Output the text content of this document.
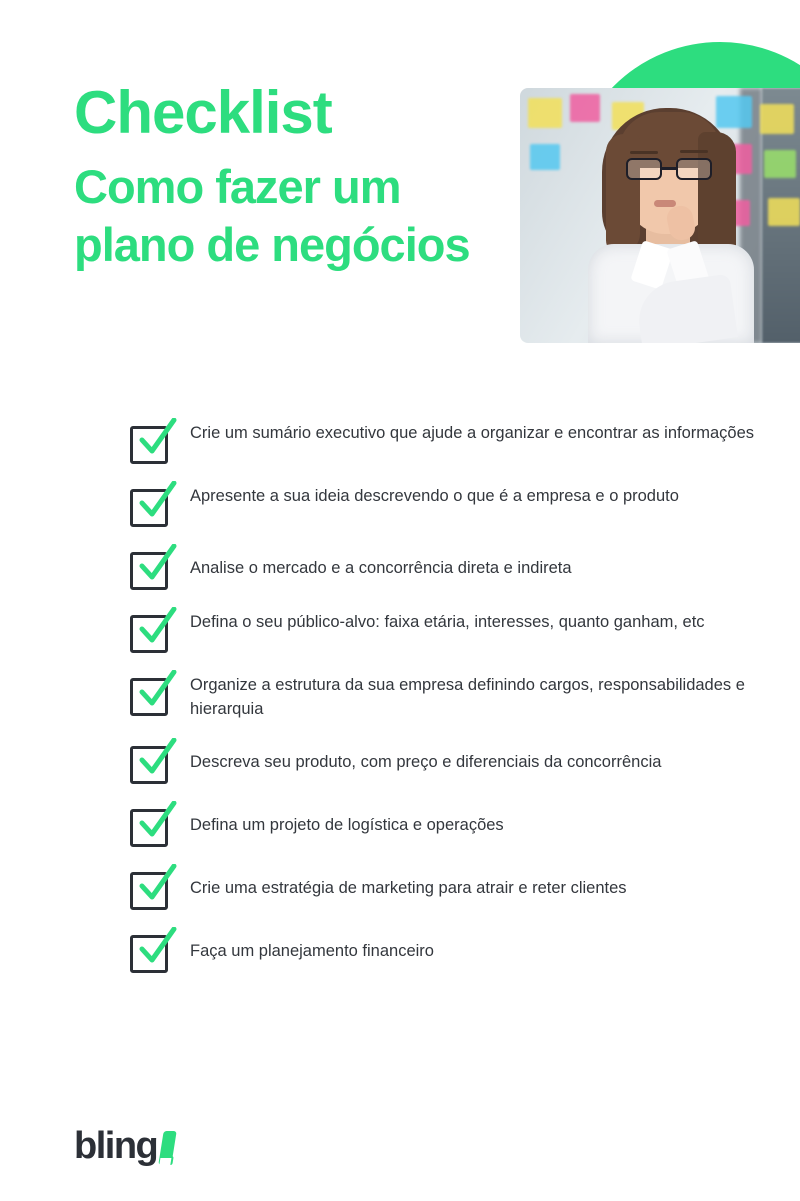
Checklist
Como fazer um plano de negócios
Crie um sumário executivo que ajude a organizar e encontrar as informações
Apresente a sua ideia descrevendo o que é a empresa e o produto
Analise o mercado e a concorrência direta e indireta
Defina o seu público-alvo: faixa etária, interesses, quanto ganham, etc
Organize a estrutura da sua empresa definindo cargos, responsabilidades e hierarquia
Descreva seu produto, com preço e diferenciais da concorrência
Defina um projeto de logística e operações
Crie uma estratégia de marketing para atrair e reter clientes
Faça um planejamento financeiro
bling
